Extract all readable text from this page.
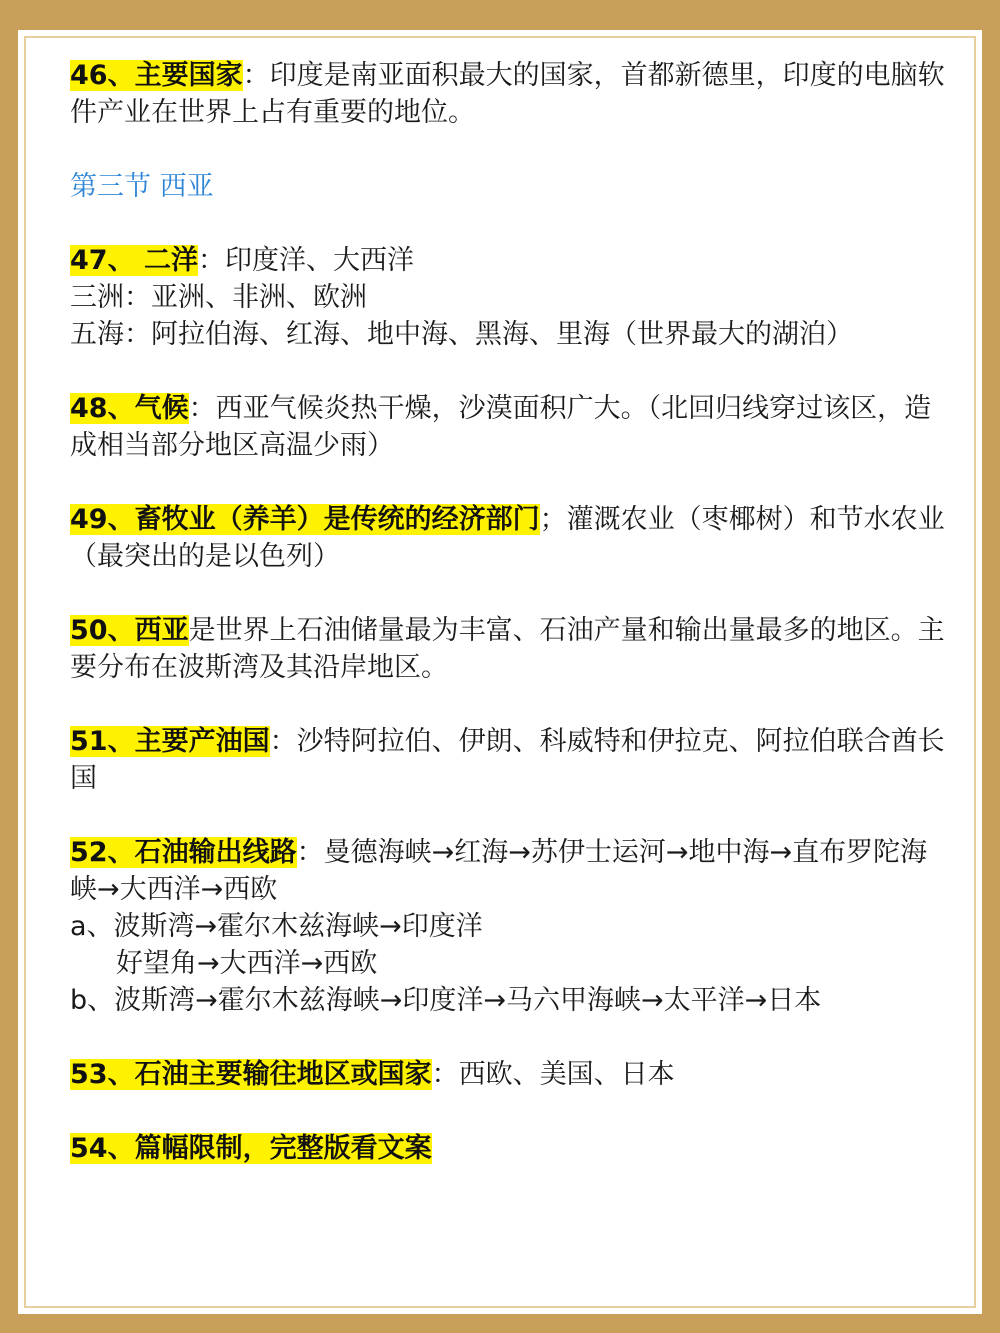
46、主要国家：印度是南亚面积最大的国家，首都新德里，印度的电脑软件产业在世界上占有重要的地位。

第三节 西亚

47、 二洋：印度洋、大西洋

三洲：亚洲、非洲、欧洲

五海：阿拉伯海、红海、地中海、黑海、里海（世界最大的湖泊）

48、气候：西亚气候炎热干燥，沙漠面积广大。（北回归线穿过该区，造成相当部分地区高温少雨）

49、畜牧业（养羊）是传统的经济部门；灌溉农业（枣椰树）和节水农业（最突出的是以色列）

50、西亚是世界上石油储量最为丰富、石油产量和输出量最多的地区。主要分布在波斯湾及其沿岸地区。

51、主要产油国：沙特阿拉伯、伊朗、科威特和伊拉克、阿拉伯联合酋长国

52、石油输出线路：曼德海峡→红海→苏伊士运河→地中海→直布罗陀海峡→大西洋→西欧

a、波斯湾→霍尔木兹海峡→印度洋

好望角→大西洋→西欧

b、波斯湾→霍尔木兹海峡→印度洋→马六甲海峡→太平洋→日本

53、石油主要输往地区或国家：西欧、美国、日本

54、篇幅限制，完整版看文案
